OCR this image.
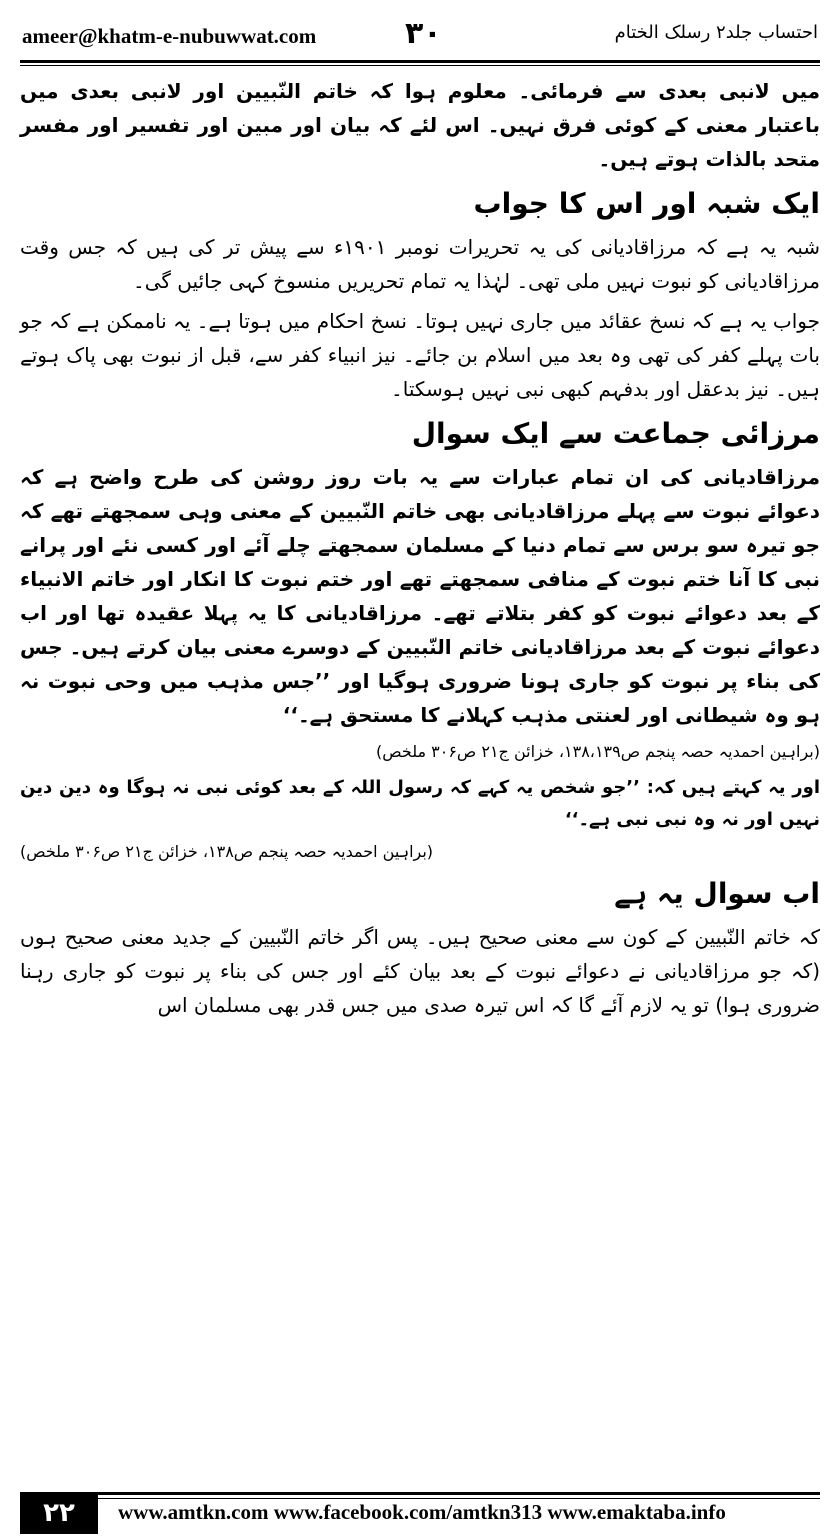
ameer@khatm-e-nubuwwat.com	۳۰	احتساب جلد۲ رسلک الختام

میں لانبی بعدی سے فرمائی۔ معلوم ہوا کہ خاتم النّبیین اور لانبی بعدی میں باعتبار معنی کے کوئی فرق نہیں۔ اس لئے کہ بیان اور مبین اور تفسیر اور مفسر متحد بالذات ہوتے ہیں۔

ایک شبہ اور اس کا جواب

شبہ یہ ہے کہ مرزاقادیانی کی یہ تحریرات نومبر ۱۹۰۱ء سے پیش تر کی ہیں کہ جس وقت مرزاقادیانی کو نبوت نہیں ملی تھی۔ لہٰذا یہ تمام تحریریں منسوخ کہی جائیں گی۔

جواب یہ ہے کہ نسخ عقائد میں جاری نہیں ہوتا۔ نسخ احکام میں ہوتا ہے۔ یہ ناممکن ہے کہ جو بات پہلے کفر کی تھی وہ بعد میں اسلام بن جائے۔ نیز انبیاء کفر سے، قبل از نبوت بھی پاک ہوتے ہیں۔ نیز بدعقل اور بدفہم کبھی نبی نہیں ہوسکتا۔

مرزائی جماعت سے ایک سوال

مرزاقادیانی کی ان تمام عبارات سے یہ بات روز روشن کی طرح واضح ہے کہ دعوائے نبوت سے پہلے مرزاقادیانی بھی خاتم النّبیین کے معنی وہی سمجھتے تھے کہ جو تیرہ سو برس سے تمام دنیا کے مسلمان سمجھتے چلے آئے اور کسی نئے اور پرانے نبی کا آنا ختم نبوت کے منافی سمجھتے تھے اور ختم نبوت کا انکار اور خاتم الانبیاء کے بعد دعوائے نبوت کو کفر بتلاتے تھے۔ مرزاقادیانی کا یہ پہلا عقیدہ تھا اور اب دعوائے نبوت کے بعد مرزاقادیانی خاتم النّبیین کے دوسرے معنی بیان کرتے ہیں۔ جس کی بناء پر نبوت کو جاری ہونا ضروری ہوگیا اور ’’جس مذہب میں وحی نبوت نہ ہو وہ شیطانی اور لعنتی مذہب کہلانے کا مستحق ہے۔‘‘

(براہین احمدیہ حصہ پنجم ص۱۳۸،۱۳۹، خزائن ج۲۱ ص۳۰۶ ملخص)
اور یہ کہتے ہیں کہ: ’’جو شخص یہ کہے کہ رسول اللہ کے بعد کوئی نبی نہ ہوگا وہ دین دین نہیں اور نہ وہ نبی نبی ہے۔‘‘
(براہین احمدیہ حصہ پنجم ص۱۳۸، خزائن ج۲۱ ص۳۰۶ ملخص)
اب سوال یہ ہے

کہ خاتم النّبیین کے کون سے معنی صحیح ہیں۔ پس اگر خاتم النّبیین کے جدید معنی صحیح ہوں (کہ جو مرزاقادیانی نے دعوائے نبوت کے بعد بیان کئے اور جس کی بناء پر نبوت کو جاری رہنا ضروری ہوا) تو یہ لازم آئے گا کہ اس تیرہ صدی میں جس قدر بھی مسلمان اس

۲۲	www.amtkn.com www.facebook.com/amtkn313 www.emaktaba.info
